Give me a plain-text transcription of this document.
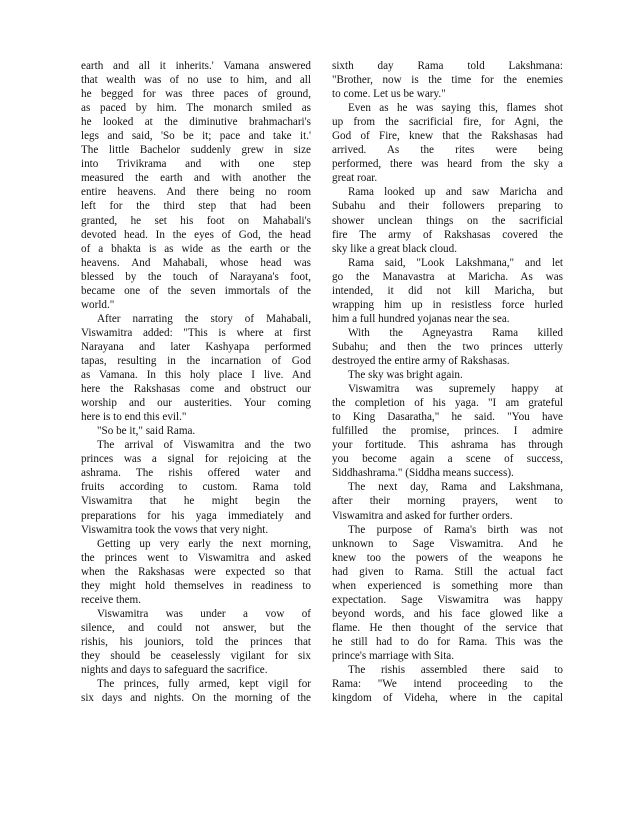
earth and all it inherits.' Vamana answered
that wealth was of no use to him, and all
he begged for was three paces of ground,
as paced by him. The monarch smiled as
he looked at the diminutive brahmachari's
legs and said, 'So be it; pace and take it.'
The little Bachelor suddenly grew in size
into Trivikrama and with one step
measured the earth and with another the
entire heavens. And there being no room
left for the third step that had been
granted, he set his foot on Mahabali's
devoted head. In the eyes of God, the head
of a bhakta is as wide as the earth or the
heavens. And Mahabali, whose head was
blessed by the touch of Narayana's foot,
became one of the seven immortals of the
world."
After narrating the story of Mahabali,
Viswamitra added: "This is where at first
Narayana and later Kashyapa performed
tapas, resulting in the incarnation of God
as Vamana. In this holy place I live. And
here the Rakshasas come and obstruct our
worship and our austerities. Your coming
here is to end this evil."
"So be it," said Rama.
The arrival of Viswamitra and the two
princes was a signal for rejoicing at the
ashrama. The rishis offered water and
fruits according to custom. Rama told
Viswamitra that he might begin the
preparations for his yaga immediately and
Viswamitra took the vows that very night.
Getting up very early the next morning,
the princes went to Viswamitra and asked
when the Rakshasas were expected so that
they might hold themselves in readiness to
receive them.
Viswamitra was under a vow of
silence, and could not answer, but the
rishis, his jouniors, told the princes that
they should be ceaselessly vigilant for six
nights and days to safeguard the sacrifice.
The princes, fully armed, kept vigil for
six days and nights. On the morning of the
sixth day Rama told Lakshmana:
"Brother, now is the time for the enemies
to come. Let us be wary."
Even as he was saying this, flames shot
up from the sacrificial fire, for Agni, the
God of Fire, knew that the Rakshasas had
arrived. As the rites were being
performed, there was heard from the sky a
great roar.
Rama looked up and saw Maricha and
Subahu and their followers preparing to
shower unclean things on the sacrificial
fire The army of Rakshasas covered the
sky like a great black cloud.
Rama said, "Look Lakshmana," and let
go the Manavastra at Maricha. As was
intended, it did not kill Maricha, but
wrapping him up in resistless force hurled
him a full hundred yojanas near the sea.
With the Agneyastra Rama killed
Subahu; and then the two princes utterly
destroyed the entire army of Rakshasas.
The sky was bright again.
Viswamitra was supremely happy at
the completion of his yaga. "I am grateful
to King Dasaratha," he said. "You have
fulfilled the promise, princes. I admire
your fortitude. This ashrama has through
you become again a scene of success,
Siddhashrama." (Siddha means success).
The next day, Rama and Lakshmana,
after their morning prayers, went to
Viswamitra and asked for further orders.
The purpose of Rama's birth was not
unknown to Sage Viswamitra. And he
knew too the powers of the weapons he
had given to Rama. Still the actual fact
when experienced is something more than
expectation. Sage Viswamitra was happy
beyond words, and his face glowed like a
flame. He then thought of the service that
he still had to do for Rama. This was the
prince's marriage with Sita.
The rishis assembled there said to
Rama: "We intend proceeding to the
kingdom of Videha, where in the capital
